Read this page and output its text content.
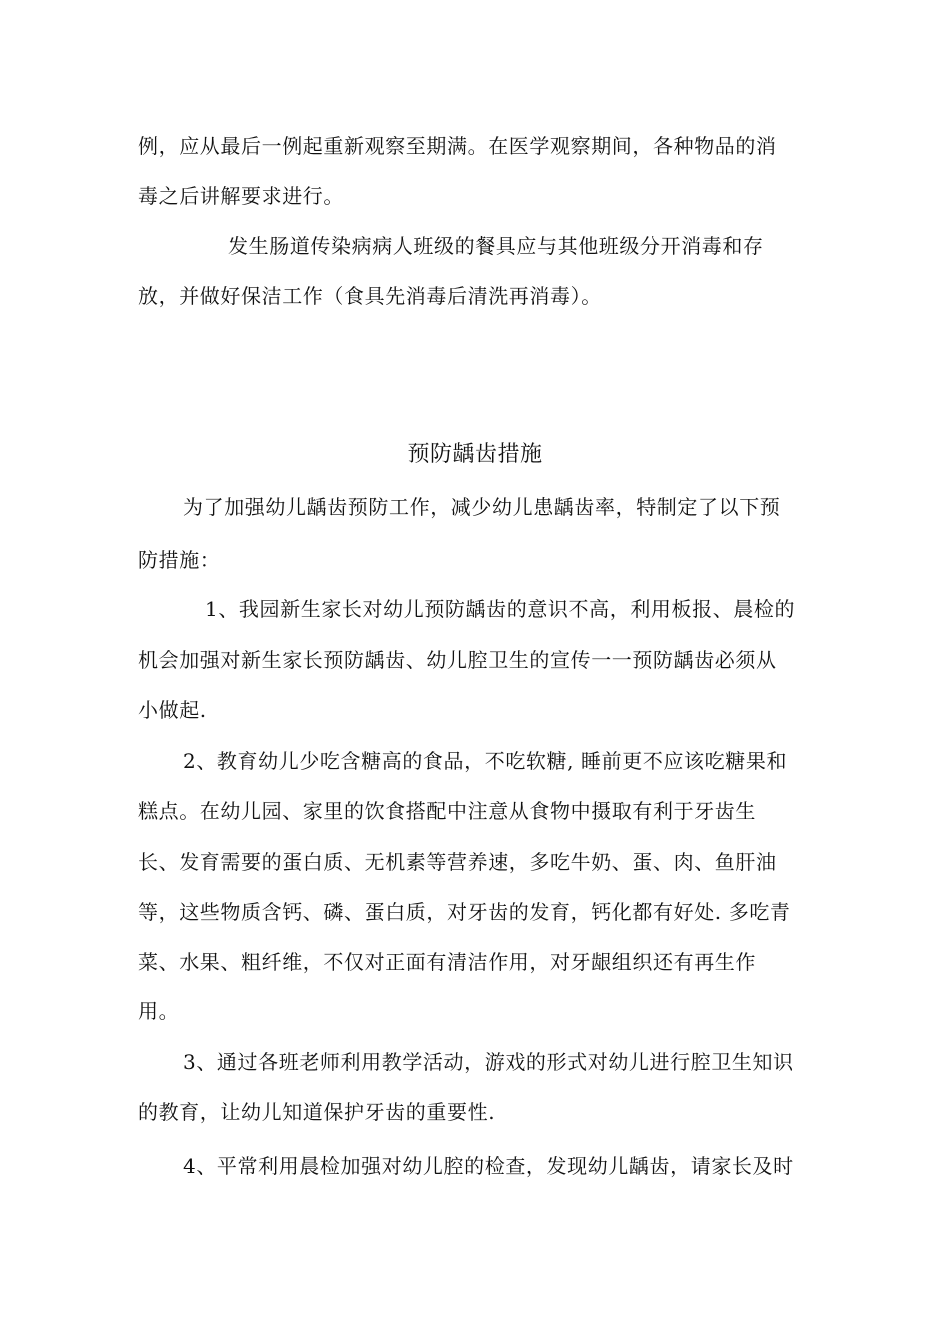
例，应从最后一例起重新观察至期满。在医学观察期间，各种物品的消
毒之后讲解要求进行。
发生肠道传染病病人班级的餐具应与其他班级分开消毒和存
放，并做好保洁工作（食具先消毒后清洗再消毒）。
预防龋齿措施
为了加强幼儿龋齿预防工作，减少幼儿患龋齿率，特制定了以下预
防措施：
1、我园新生家长对幼儿预防龋齿的意识不高，利用板报、晨检的
机会加强对新生家长预防龋齿、幼儿腔卫生的宣传一一预防龋齿必须从
小做起.
2、教育幼儿少吃含糖高的食品，不吃软糖, 睡前更不应该吃糖果和
糕点。在幼儿园、家里的饮食搭配中注意从食物中摄取有利于牙齿生
长、发育需要的蛋白质、无机素等营养速，多吃牛奶、蛋、肉、鱼肝油
等，这些物质含钙、磷、蛋白质，对牙齿的发育，钙化都有好处. 多吃青
菜、水果、粗纤维，不仅对正面有清洁作用，对牙龈组织还有再生作
用。
3、通过各班老师利用教学活动，游戏的形式对幼儿进行腔卫生知识
的教育，让幼儿知道保护牙齿的重要性.
4、平常利用晨检加强对幼儿腔的检查，发现幼儿龋齿，请家长及时
